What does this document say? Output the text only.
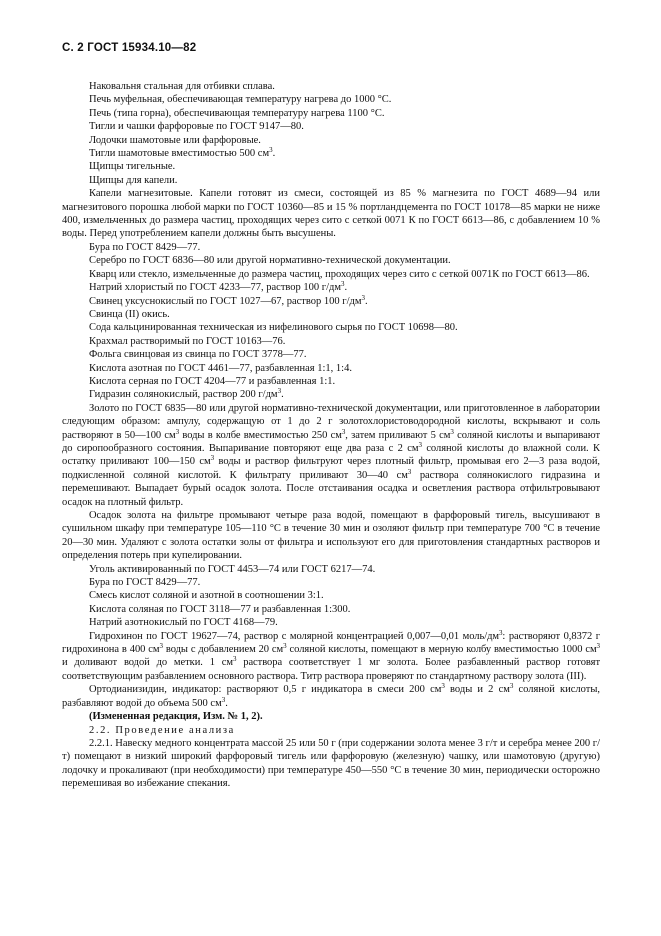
С. 2 ГОСТ 15934.10—82

Наковальня стальная для отбивки сплава.

Печь муфельная, обеспечивающая температуру нагрева до 1000 °С.

Печь (типа горна), обеспечивающая температуру нагрева 1100 °С.

Тигли и чашки фарфоровые по ГОСТ 9147—80.

Лодочки шамотовые или фарфоровые.

Тигли шамотовые вместимостью 500 $см^3$.

Щипцы тигельные.

Щипцы для капели.

Капели магнезитовые. Капели готовят из смеси, состоящей из 85 % магнезита по ГОСТ 4689—94 или магнезитового порошка любой марки по ГОСТ 10360—85 и 15 % портландцемента по ГОСТ 10178—85 марки не ниже 400, измельченных до размера частиц, проходящих через сито с сеткой 0071 К по ГОСТ 6613—86, с добавлением 10 % воды. Перед употреблением капели должны быть высушены.

Бура по ГОСТ 8429—77.

Серебро по ГОСТ 6836—80 или другой нормативно-технической документации.

Кварц или стекло, измельченные до размера частиц, проходящих через сито с сеткой 0071К по ГОСТ 6613—86.

Натрий хлористый по ГОСТ 4233—77, раствор 100 $г/дм^3$.

Свинец уксуснокислый по ГОСТ 1027—67, раствор 100 $г/дм^3$.

Свинца (II) окись.

Сода кальцинированная техническая из нифелинового сырья по ГОСТ 10698—80.

Крахмал растворимый по ГОСТ 10163—76.

Фольга свинцовая из свинца по ГОСТ 3778—77.

Кислота азотная по ГОСТ 4461—77, разбавленная 1:1, 1:4.

Кислота серная по ГОСТ 4204—77 и разбавленная 1:1.

Гидразин солянокислый, раствор 200 $г/дм^3$.

Золото по ГОСТ 6835—80 или другой нормативно-технической документации, или приготовленное в лаборатории следующим образом: ампулу, содержащую от 1 до 2 г золотохлористоводородной кислоты, вскрывают и соль растворяют в 50—100 $см^3$ воды в колбе вместимостью 250 $см^3$, затем приливают 5 $см^3$ соляной кислоты и выпаривают до сиропообразного состояния. Выпаривание повторяют еще два раза с 2 $см^3$ соляной кислоты до влажной соли. К остатку приливают 100—150 $см^3$ воды и раствор фильтруют через плотный фильтр, промывая его 2—3 раза водой, подкисленной соляной кислотой. К фильтрату приливают 30—40 $см^3$ раствора солянокислого гидразина и перемешивают. Выпадает бурый осадок золота. После отстаивания осадка и осветления раствора отфильтровывают осадок на плотный фильтр.

Осадок золота на фильтре промывают четыре раза водой, помещают в фарфоровый тигель, высушивают в сушильном шкафу при температуре 105—110 °С в течение 30 мин и озоляют фильтр при температуре 700 °С в течение 20—30 мин. Удаляют с золота остатки золы от фильтра и используют его для приготовления стандартных растворов и определения потерь при купелировании.

Уголь активированный по ГОСТ 4453—74 или ГОСТ 6217—74.

Бура по ГОСТ 8429—77.

Смесь кислот соляной и азотной в соотношении 3:1.

Кислота соляная по ГОСТ 3118—77 и разбавленная 1:300.

Натрий азотнокислый по ГОСТ 4168—79.

Гидрохинон по ГОСТ 19627—74, раствор с молярной концентрацией 0,007—0,01 моль/$дм^3$: растворяют 0,8372 г гидрохинона в 400 $см^3$ воды с добавлением 20 $см^3$ соляной кислоты, помещают в мерную колбу вместимостью 1000 $см^3$ и доливают водой до метки. 1 $см^3$ раствора соответствует 1 мг золота. Более разбавленный раствор готовят соответствующим разбавлением основного раствора. Титр раствора проверяют по стандартному раствору золота (III).

Ортодианизидин, индикатор: растворяют 0,5 г индикатора в смеси 200 $см^3$ воды и 2 $см^3$ соляной кислоты, разбавляют водой до объема 500 $см^3$.

(Измененная редакция, Изм. № 1, 2).

2.2. Проведение анализа

2.2.1. Навеску медного концентрата массой 25 или 50 г (при содержании золота менее 3 г/т и серебра менее 200 г/т) помещают в низкий широкий фарфоровый тигель или фарфоровую (железную) чашку, или шамотовую (другую) лодочку и прокаливают (при необходимости) при температуре 450—550 °С в течение 30 мин, периодически осторожно перемешивая во избежание спекания.
